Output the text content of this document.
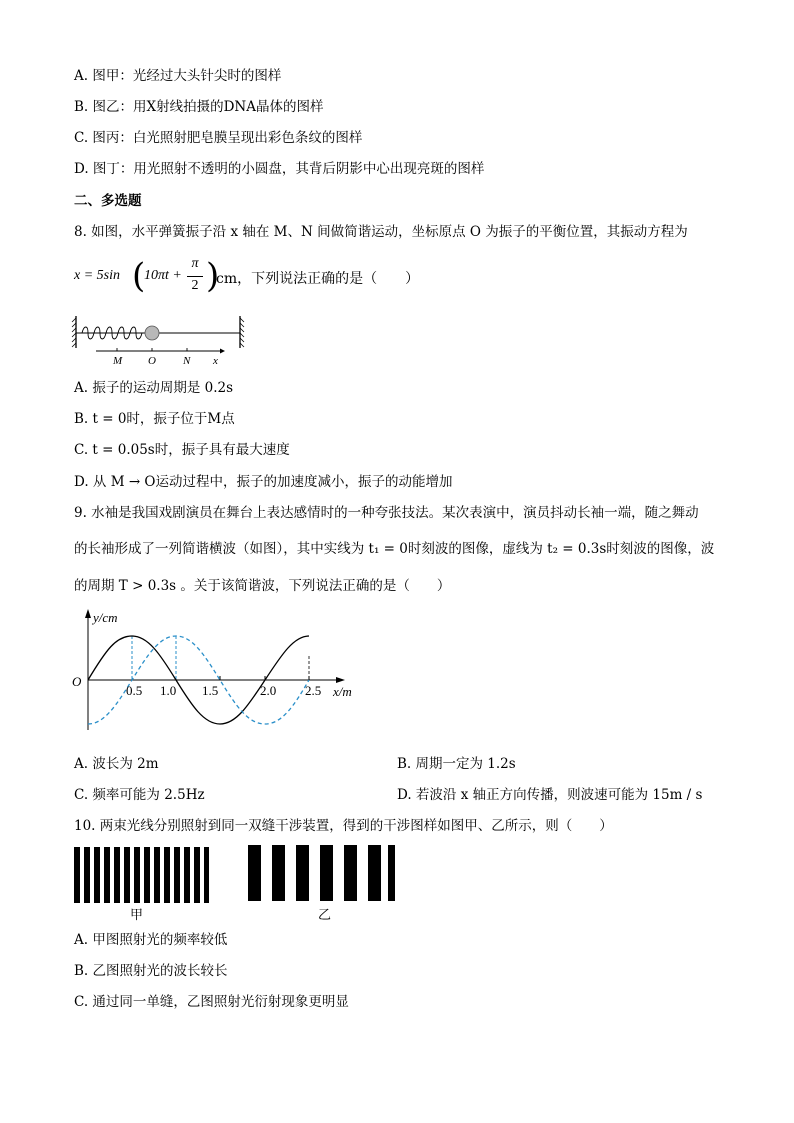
A. 图甲：光经过大头针尖时的图样
B. 图乙：用X射线拍摄的DNA晶体的图样
C. 图丙：白光照射肥皂膜呈现出彩色条纹的图样
D. 图丁：用光照射不透明的小圆盘，其背后阴影中心出现亮斑的图样
二、多选题
8. 如图，水平弹簧振子沿 x 轴在 M、N 间做简谐运动，坐标原点 O 为振子的平衡位置，其振动方程为
x = 5sin (
10πt +
π
2 )
cm，下列说法正确的是（　　）
M O N x
A. 振子的运动周期是 0.2s
B. t = 0时，振子位于M点
C. t = 0.05s时，振子具有最大速度
D. 从 M → O运动过程中，振子的加速度减小，振子的动能增加
9. 水袖是我国戏剧演员在舞台上表达感情时的一种夸张技法。某次表演中，演员抖动长袖一端，随之舞动
的长袖形成了一列简谐横波（如图），其中实线为 t₁ = 0时刻波的图像，虚线为 t₂ = 0.3s时刻波的图像，波
的周期 T > 0.3s 。关于该简谐波，下列说法正确的是（　　）
y/cm
x/m
O
0.5 1.0 1.5	2.0 2.5
A. 波长为 2m	B. 周期一定为 1.2s
C. 频率可能为 2.5Hz	D. 若波沿 x 轴正方向传播，则波速可能为 15m / s
10. 两束光线分别照射到同一双缝干涉装置，得到的干涉图样如图甲、乙所示，则（　　）
甲	乙
A. 甲图照射光的频率较低
B. 乙图照射光的波长较长
C. 通过同一单缝，乙图照射光衍射现象更明显
